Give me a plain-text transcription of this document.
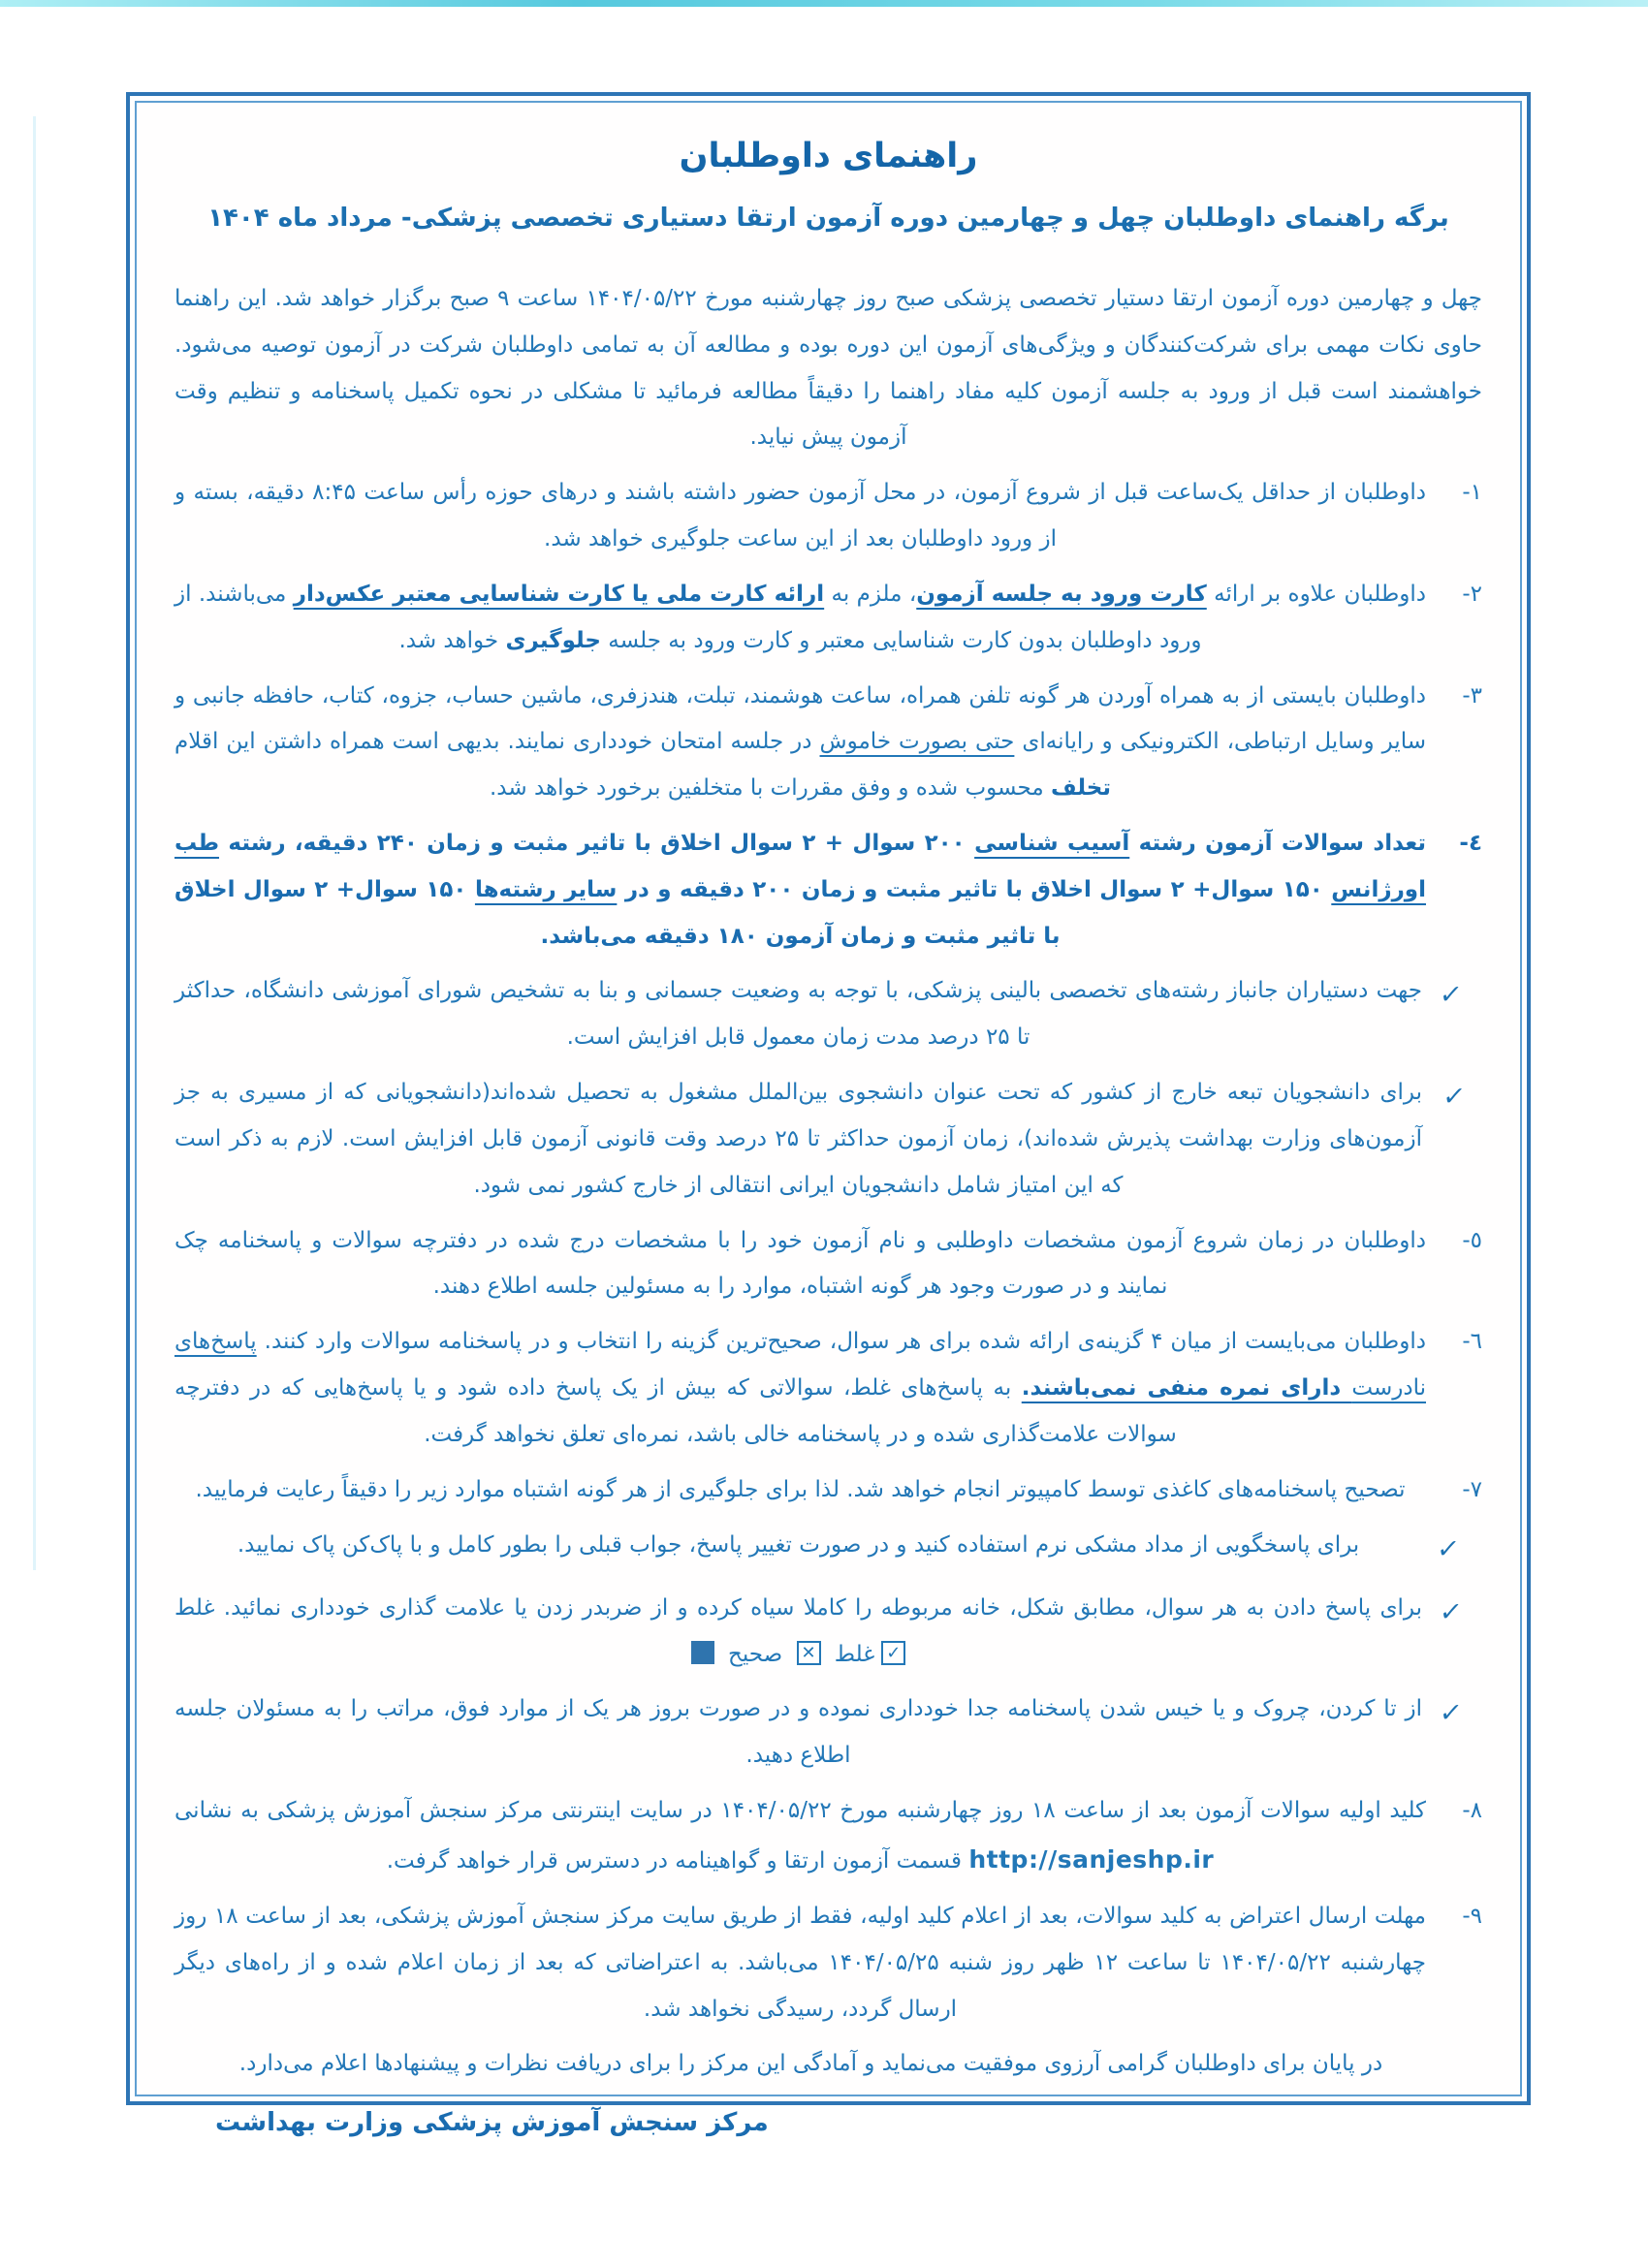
راهنمای داوطلبان
برگه راهنمای داوطلبان چهل و چهارمین دوره آزمون ارتقا دستیاری تخصصی پزشکی- مرداد ماه ۱۴۰۴

چهل و چهارمین دوره آزمون ارتقا دستیار تخصصی پزشکی صبح روز چهارشنبه مورخ ۱۴۰۴/۰۵/۲۲ ساعت ۹ صبح برگزار خواهد شد. این راهنما حاوی نکات مهمی برای شرکت‌کنندگان و ویژگی‌های آزمون این دوره بوده و مطالعه آن به تمامی داوطلبان شرکت در آزمون توصیه می‌شود. خواهشمند است قبل از ورود به جلسه آزمون کلیه مفاد راهنما را دقیقاً مطالعه فرمائید تا مشکلی در نحوه تکمیل پاسخنامه و تنظیم وقت آزمون پیش نیاید.

۱-

داوطلبان از حداقل یک‌ساعت قبل از شروع آزمون، در محل آزمون حضور داشته باشند و درهای حوزه رأس ساعت ۸:۴۵ دقیقه، بسته و از ورود داوطلبان بعد از این ساعت جلوگیری خواهد شد.

۲-

داوطلبان علاوه بر ارائه کارت ورود به جلسه آزمون، ملزم به ارائه کارت ملی یا کارت شناسایی معتبر عکس‌دار می‌باشند. از ورود داوطلبان بدون کارت شناسایی معتبر و کارت ورود به جلسه جلوگیری خواهد شد.

۳-

داوطلبان بایستی از به همراه آوردن هر گونه تلفن همراه، ساعت هوشمند، تبلت، هندزفری، ماشین حساب، جزوه، کتاب، حافظه جانبی و سایر وسایل ارتباطی، الکترونیکی و رایانه‌ای حتی بصورت خاموش در جلسه امتحان خودداری نمایند. بدیهی است همراه داشتن این اقلام تخلف محسوب شده و وفق مقررات با متخلفین برخورد خواهد شد.

٤-

تعداد سوالات آزمون رشته آسیب شناسی ۲۰۰ سوال + ۲ سوال اخلاق با تاثیر مثبت و زمان ۲۴۰ دقیقه، رشته طب اورژانس ۱۵۰ سوال+ ۲ سوال اخلاق با تاثیر مثبت و زمان ۲۰۰ دقیقه و در سایر رشته‌ها ۱۵۰ سوال+ ۲ سوال اخلاق با تاثیر مثبت و زمان آزمون ۱۸۰ دقیقه می‌باشد.

✓

جهت دستیاران جانباز رشته‌های تخصصی بالینی پزشکی، با توجه به وضعیت جسمانی و بنا به تشخیص شورای آموزشی دانشگاه، حداکثر تا ۲۵ درصد مدت زمان معمول قابل افزایش است.

✓

برای دانشجویان تبعه خارج از کشور که تحت عنوان دانشجوی بین‌الملل مشغول به تحصیل شده‌اند(دانشجویانی که از مسیری به جز آزمون‌های وزارت بهداشت پذیرش شده‌اند)، زمان آزمون حداکثر تا ۲۵ درصد وقت قانونی آزمون قابل افزایش است. لازم به ذکر است که این امتیاز شامل دانشجویان ایرانی انتقالی از خارج کشور نمی شود.

٥-

داوطلبان در زمان شروع آزمون مشخصات داوطلبی و نام آزمون خود را با مشخصات درج شده در دفترچه سوالات و پاسخنامه چک نمایند و در صورت وجود هر گونه اشتباه، موارد را به مسئولین جلسه اطلاع دهند.

٦-

داوطلبان می‌بایست از میان ۴ گزینه‌ی ارائه شده برای هر سوال، صحیح‌ترین گزینه را انتخاب و در پاسخنامه سوالات وارد کنند. پاسخ‌های نادرست دارای نمره منفی نمی‌باشند. به پاسخ‌های غلط، سوالاتی که بیش از یک پاسخ داده شود و یا پاسخ‌هایی که در دفترچه سوالات علامت‌گذاری شده و در پاسخنامه خالی باشد، نمره‌ای تعلق نخواهد گرفت.

۷-

تصحیح پاسخنامه‌های کاغذی توسط کامپیوتر انجام خواهد شد. لذا برای جلوگیری از هر گونه اشتباه موارد زیر را دقیقاً رعایت فرمایید.

✓

برای پاسخگویی از مداد مشکی نرم استفاده کنید و در صورت تغییر پاسخ، جواب قبلی را بطور کامل و با پاک‌کن پاک نمایید.

✓

برای پاسخ دادن به هر سوال، مطابق شکل، خانه مربوطه را کاملا سیاه کرده و از ضربدر زدن یا علامت گذاری خودداری نمائید. غلط ✓غلط ✕ صحیح

✓

از تا کردن، چروک و یا خیس شدن پاسخنامه جدا خودداری نموده و در صورت بروز هر یک از موارد فوق، مراتب را به مسئولان جلسه اطلاع دهید.

۸-

کلید اولیه سوالات آزمون بعد از ساعت ۱۸ روز چهارشنبه مورخ ۱۴۰۴/۰۵/۲۲ در سایت اینترنتی مرکز سنجش آموزش پزشکی به نشانی http://sanjeshp.ir قسمت آزمون ارتقا و گواهینامه در دسترس قرار خواهد گرفت.

۹-

مهلت ارسال اعتراض به کلید سوالات، بعد از اعلام کلید اولیه، فقط از طریق سایت مرکز سنجش آموزش پزشکی، بعد از ساعت ۱۸ روز چهارشنبه ۱۴۰۴/۰۵/۲۲ تا ساعت ۱۲ ظهر روز شنبه ۱۴۰۴/۰۵/۲۵ می‌باشد. به اعتراضاتی که بعد از زمان اعلام شده و از راه‌های دیگر ارسال گردد، رسیدگی نخواهد شد.

در پایان برای داوطلبان گرامی آرزوی موفقیت می‌نماید و آمادگی این مرکز را برای دریافت نظرات و پیشنهادها اعلام می‌دارد.

مرکز سنجش آموزش پزشکی وزارت بهداشت
